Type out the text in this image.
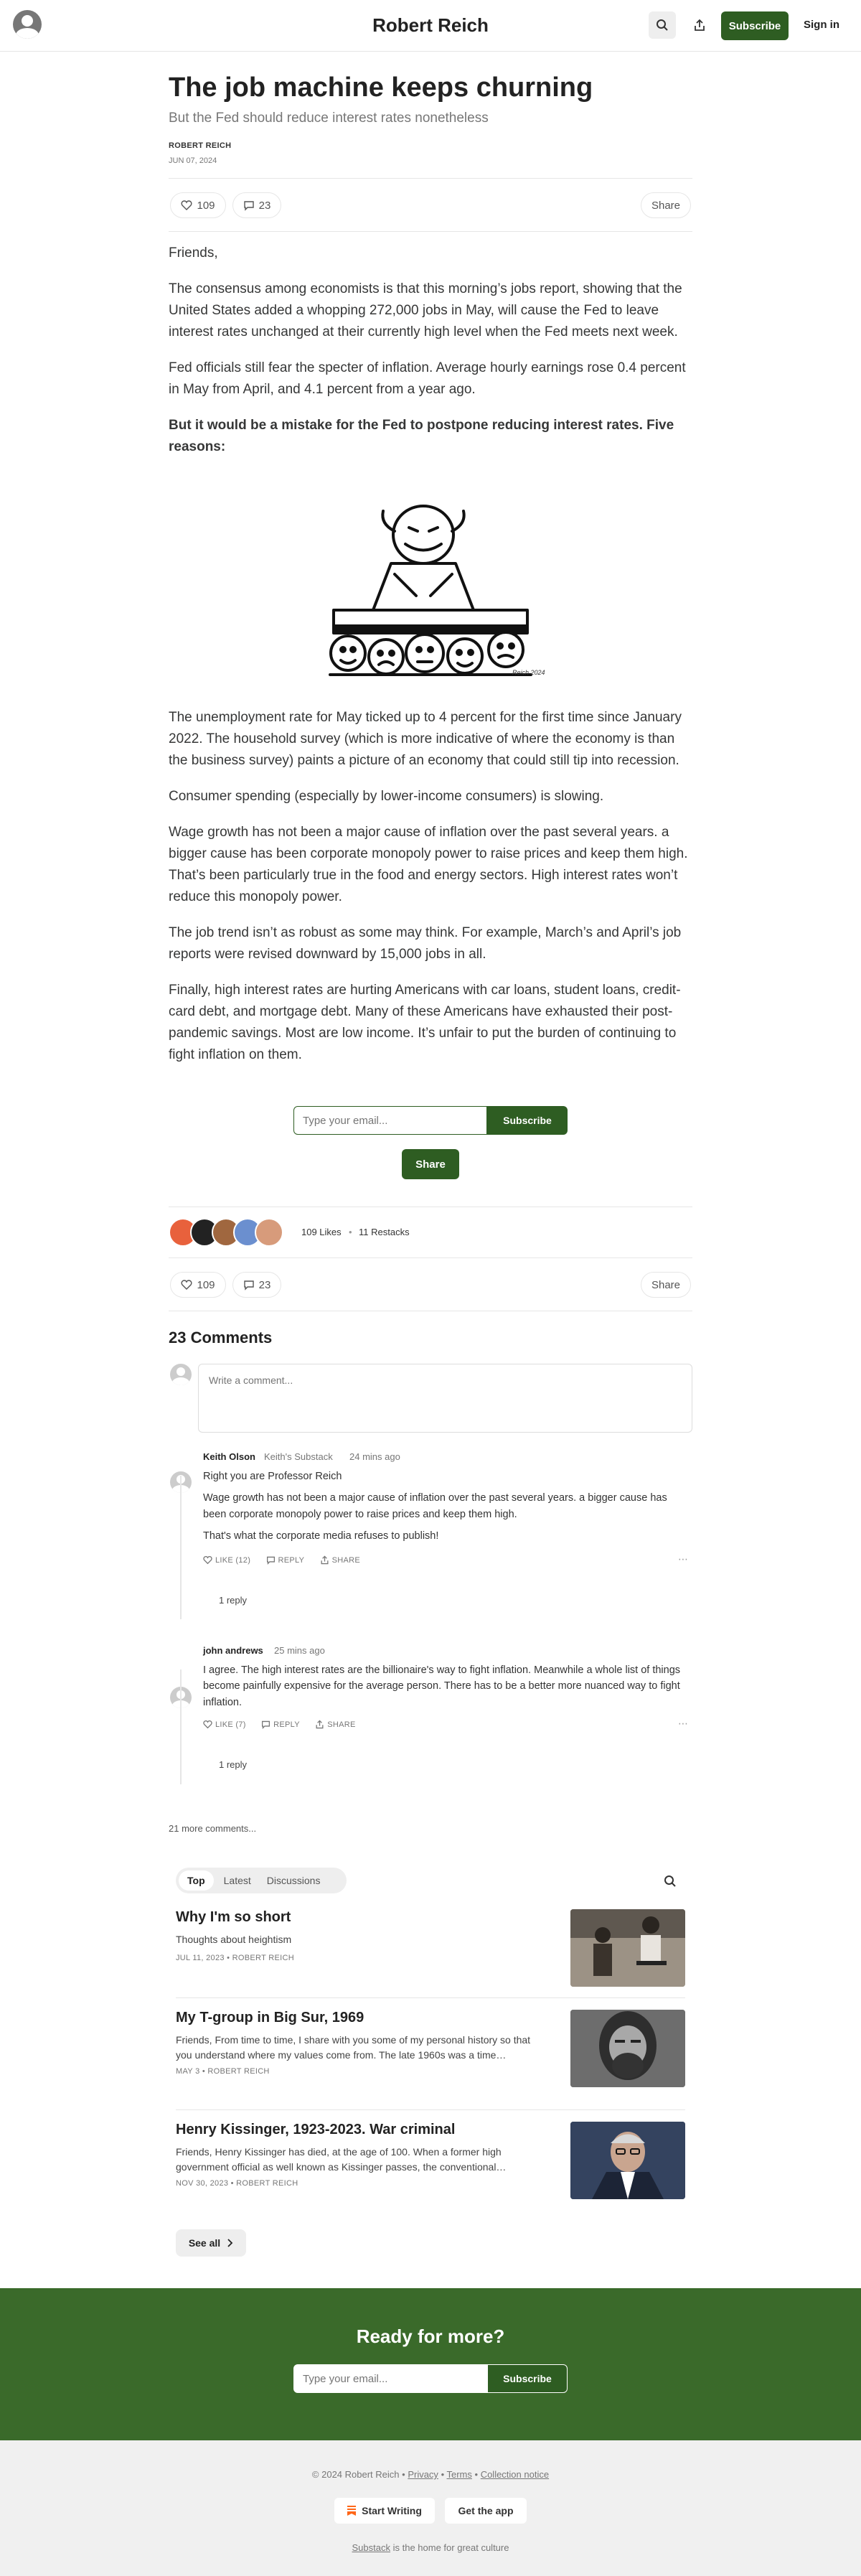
Robert Reich	Subscribe	Sign in
The job machine keeps churning
But the Fed should reduce interest rates nonetheless
ROBERT REICH
JUN 07, 2024
109	23	Share

Friends,

The consensus among economists is that this morning’s jobs report, showing that the United States added a whopping 272,000 jobs in May, will cause the Fed to leave interest rates unchanged at their currently high level when the Fed meets next week.

Fed officials still fear the specter of inflation. Average hourly earnings rose 0.4 percent in May from April, and 4.1 percent from a year ago.

But it would be a mistake for the Fed to postpone reducing interest rates. Five reasons:

Reich 2024

The unemployment rate for May ticked up to 4 percent for the first time since January 2022. The household survey (which is more indicative of where the economy is than the business survey) paints a picture of an economy that could still tip into recession.

Consumer spending (especially by lower-income consumers) is slowing.

Wage growth has not been a major cause of inflation over the past several years. a bigger cause has been corporate monopoly power to raise prices and keep them high. That’s been particularly true in the food and energy sectors. High interest rates won’t reduce this monopoly power.

The job trend isn’t as robust as some may think. For example, March’s and April’s job reports were revised downward by 15,000 jobs in all.

Finally, high interest rates are hurting Americans with car loans, student loans, credit-card debt, and mortgage debt. Many of these Americans have exhausted their post-pandemic savings. Most are low income. It’s unfair to put the burden of continuing to fight inflation on them.

Type your email...
Subscribe
Share
109 Likes • 11 Restacks
109	23	Share
23 Comments
Write a comment...
Keith Olson Keith's Substack 24 mins ago

Right you are Professor Reich

Wage growth has not been a major cause of inflation over the past several years. a bigger cause has been corporate monopoly power to raise prices and keep them high.

That's what the corporate media refuses to publish!

LIKE (12)
	REPLY
	SHARE	⋯
1 reply
john andrews 25 mins ago

I agree. The high interest rates are the billionaire's way to fight inflation. Meanwhile a whole list of things become painfully expensive for the average person. There has to be a better more nuanced way to fight inflation.

LIKE (7)
	REPLY
	SHARE	⋯
1 reply
21 more comments...
Top	Latest	Discussions
Why I'm so short
Thoughts about heightism
JUL 11, 2023 • ROBERT REICH
My T-group in Big Sur, 1969
Friends, From time to time, I share with you some of my personal history so that you understand where my values come from. The late 1960s was a time…
MAY 3 • ROBERT REICH
Henry Kissinger, 1923-2023. War criminal
Friends, Henry Kissinger has died, at the age of 100. When a former high government official as well known as Kissinger passes, the conventional…
NOV 30, 2023 • ROBERT REICH
See all
Ready for more?
Type your email...
Subscribe
© 2024 Robert Reich • Privacy • Terms • Collection notice
Start Writing	Get the app
Substack is the home for great culture
